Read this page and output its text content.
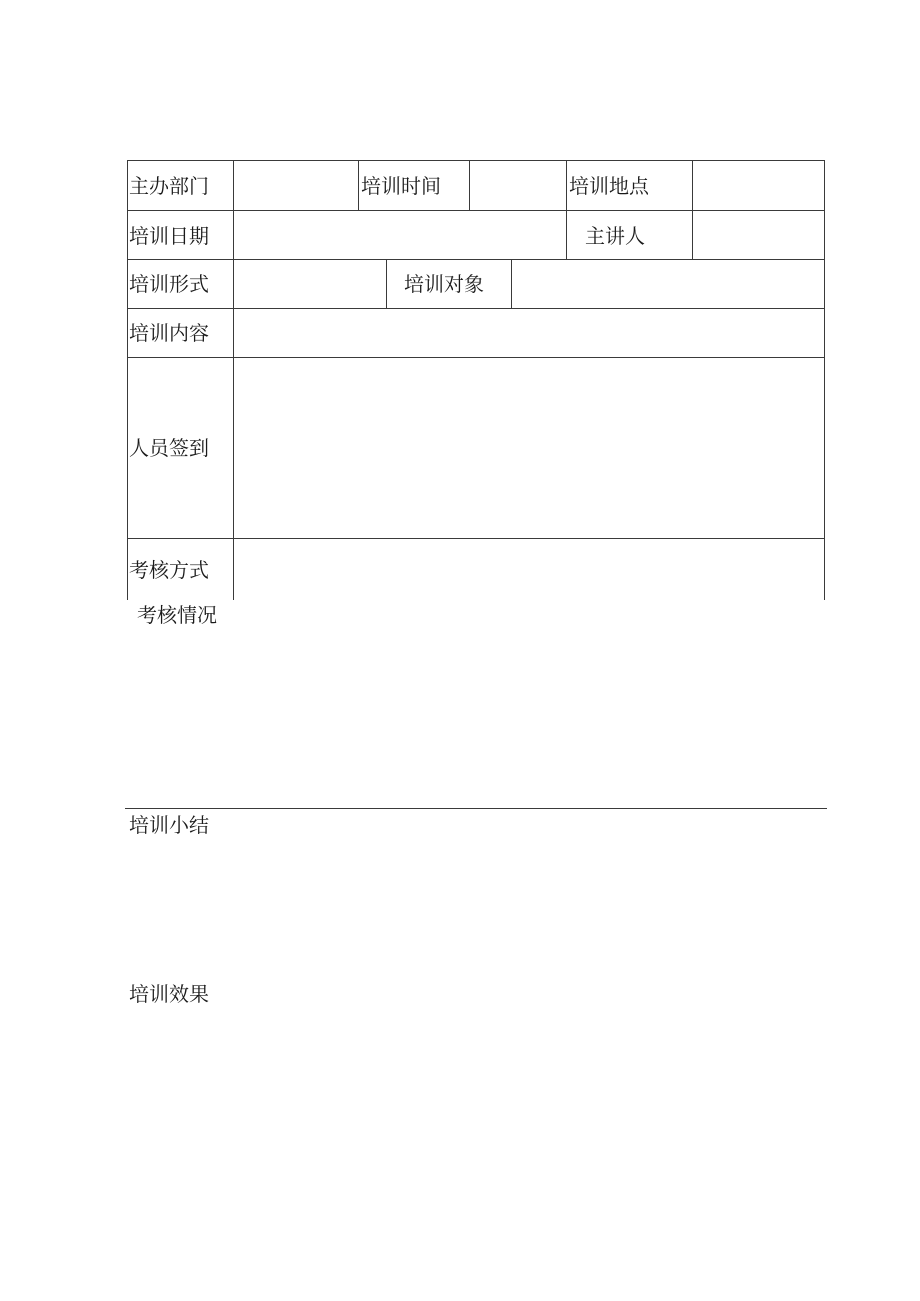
主办部门	培训时间	培训地点
培训日期	主讲人
培训形式	培训对象
培训内容
人员签到
考核方式
考核情况
培训小结
培训效果
